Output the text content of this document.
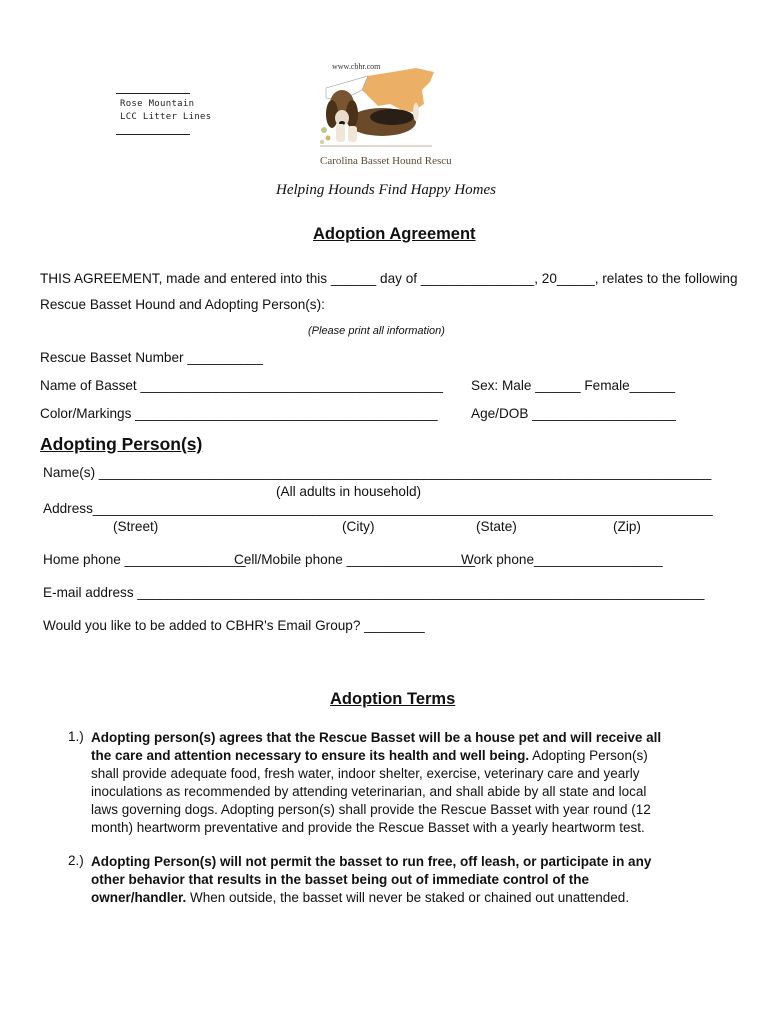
Rose Mountain
LCC Litter Lines
www.cbhr.com
Carolina Basset Hound Rescue
Helping Hounds Find Happy Homes
Adoption Agreement
THIS AGREEMENT, made and entered into this ______ day of _______________, 20_____, relates to the following
Rescue Basset Hound and Adopting Person(s):
(Please print all information)
Rescue Basset Number __________
Name of Basset ________________________________________ Sex: Male ______ Female______
Color/Markings ________________________________________ Age/DOB ___________________
Adopting Person(s)
Name(s) _________________________________________________________________________________
(All adults in household)
Address__________________________________________________________________________________
(Street)	(City)	(State)	(Zip)
Home phone ________________
Cell/Mobile phone _________________
Work phone_________________
E-mail address ___________________________________________________________________________
Would you like to be added to CBHR's Email Group? ________
Adoption Terms
1.) Adopting person(s) agrees that the Rescue Basset will be a house pet and will receive all the care and attention necessary to ensure its health and well being. Adopting Person(s) shall provide adequate food, fresh water, indoor shelter, exercise, veterinary care and yearly inoculations as recommended by attending veterinarian, and shall abide by all state and local laws governing dogs. Adopting person(s) shall provide the Rescue Basset with year round (12 month) heartworm preventative and provide the Rescue Basset with a yearly heartworm test.

2.) Adopting Person(s) will not permit the basset to run free, off leash, or participate in any other behavior that results in the basset being out of immediate control of the owner/handler. When outside, the basset will never be staked or chained out unattended.
